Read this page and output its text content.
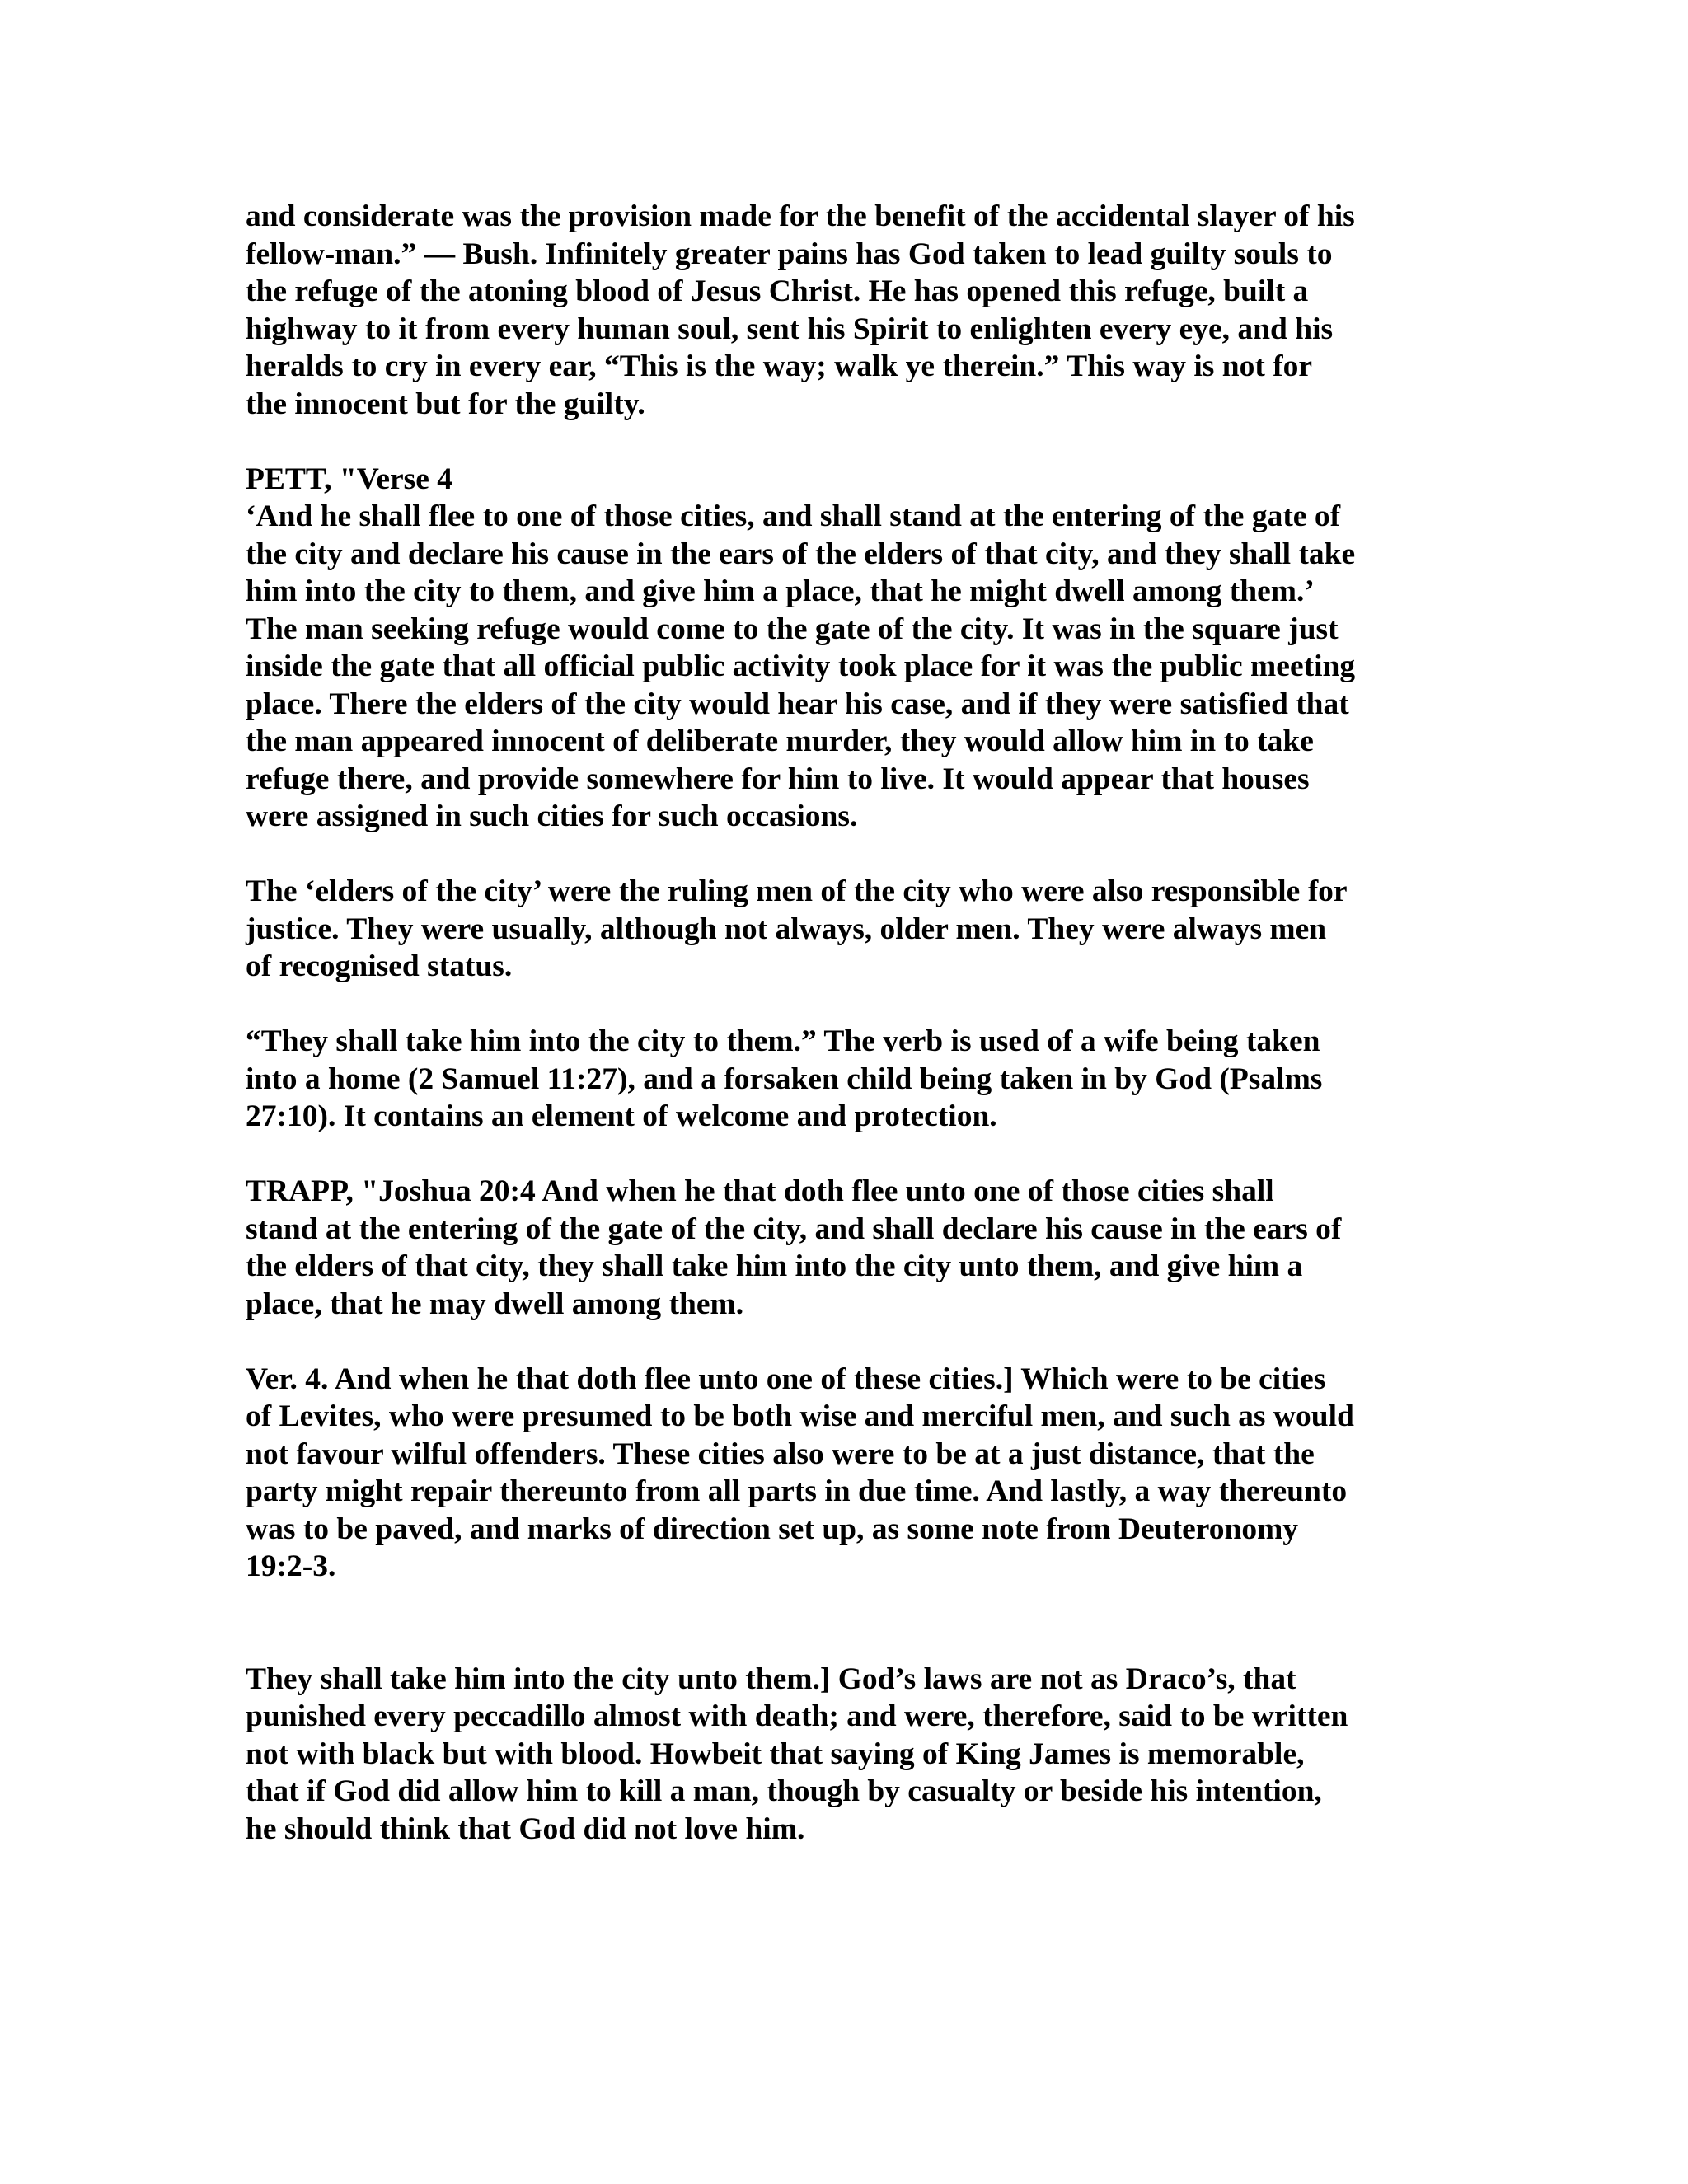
and considerate was the provision made for the benefit of the accidental slayer of his
fellow-man.” — Bush. Infinitely greater pains has God taken to lead guilty souls to
the refuge of the atoning blood of Jesus Christ. He has opened this refuge, built a
highway to it from every human soul, sent his Spirit to enlighten every eye, and his
heralds to cry in every ear, “This is the way; walk ye therein.” This way is not for
the innocent but for the guilty.

PETT, "Verse 4
‘And he shall flee to one of those cities, and shall stand at the entering of the gate of
the city and declare his cause in the ears of the elders of that city, and they shall take
him into the city to them, and give him a place, that he might dwell among them.’
The man seeking refuge would come to the gate of the city. It was in the square just
inside the gate that all official public activity took place for it was the public meeting
place. There the elders of the city would hear his case, and if they were satisfied that
the man appeared innocent of deliberate murder, they would allow him in to take
refuge there, and provide somewhere for him to live. It would appear that houses
were assigned in such cities for such occasions.

The ‘elders of the city’ were the ruling men of the city who were also responsible for
justice. They were usually, although not always, older men. They were always men
of recognised status.

“They shall take him into the city to them.” The verb is used of a wife being taken
into a home (2 Samuel 11:27), and a forsaken child being taken in by God (Psalms
27:10). It contains an element of welcome and protection.

TRAPP, "Joshua 20:4 And when he that doth flee unto one of those cities shall
stand at the entering of the gate of the city, and shall declare his cause in the ears of
the elders of that city, they shall take him into the city unto them, and give him a
place, that he may dwell among them.

Ver. 4. And when he that doth flee unto one of these cities.] Which were to be cities
of Levites, who were presumed to be both wise and merciful men, and such as would
not favour wilful offenders. These cities also were to be at a just distance, that the
party might repair thereunto from all parts in due time. And lastly, a way thereunto
was to be paved, and marks of direction set up, as some note from Deuteronomy
19:2-3.

They shall take him into the city unto them.] God’s laws are not as Draco’s, that
punished every peccadillo almost with death; and were, therefore, said to be written
not with black but with blood. Howbeit that saying of King James is memorable,
that if God did allow him to kill a man, though by casualty or beside his intention,
he should think that God did not love him.
